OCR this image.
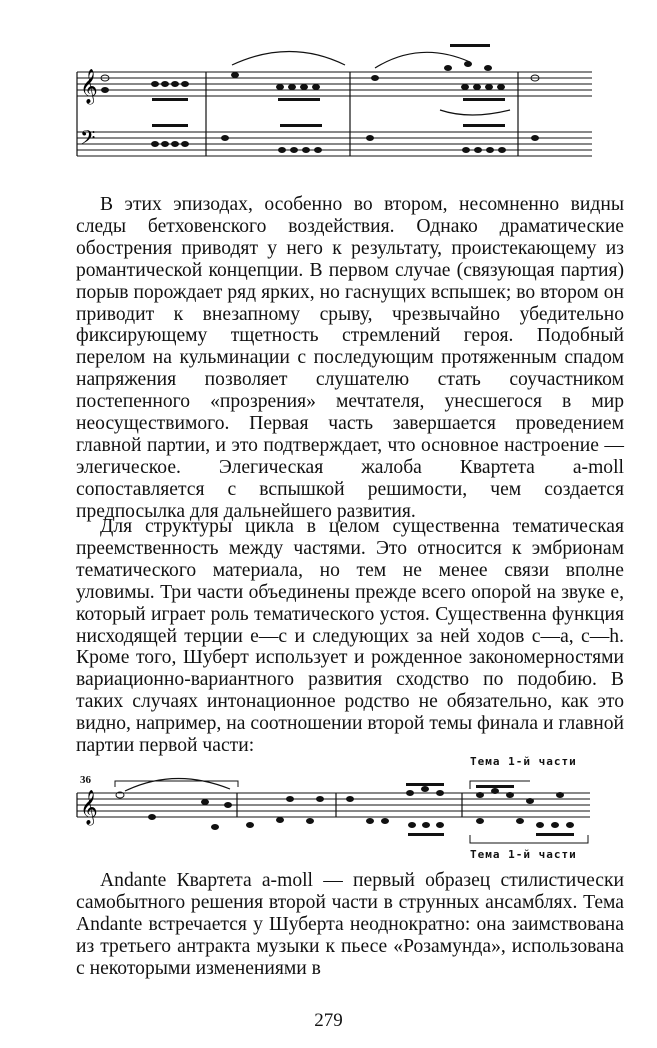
𝄞
𝄢

В этих эпизодах, особенно во втором, несомненно видны следы бетховенского воздействия. Однако драматические обострения приводят у него к результату, проистекающему из романтической концепции. В первом случае (связующая партия) порыв порождает ряд ярких, но гаснущих вспышек; во втором он приводит к внезапному срыву, чрезвычайно убедительно фиксирующему тщетность стремлений героя. Подобный перелом на кульминации с последующим протяженным спадом напряжения позволяет слушателю стать соучастником постепенного «прозрения» мечтателя, унесшегося в мир неосуществимого. Первая часть завершается проведением главной партии, и это подтверждает, что основное настроение — элегическое. Элегическая жалоба Квартета a-moll сопоставляется с вспышкой решимости, чем создается предпосылка для дальнейшего развития.

Для структуры цикла в целом существенна тематическая преемственность между частями. Это относится к эмбрионам тематического материала, но тем не менее связи вполне уловимы. Три части объединены прежде всего опорой на звуке e, который играет роль тематического устоя. Существенна функция нисходящей терции e—c и следующих за ней ходов c—a, c—h. Кроме того, Шуберт использует и рожденное закономерностями вариационно-вариантного развития сходство по подобию. В таких случаях интонационное родство не обязательно, как это видно, например, на соотношении второй темы финала и главной партии первой части:

36
Тема 1-й части
𝄞
Тема 1-й части

Andante Квартета a-moll — первый образец стилистически самобытного решения второй части в струнных ансамблях. Тема Andante встречается у Шуберта неоднократно: она заимствована из третьего антракта музыки к пьесе «Розамунда», использована с некоторыми изменениями в

279
